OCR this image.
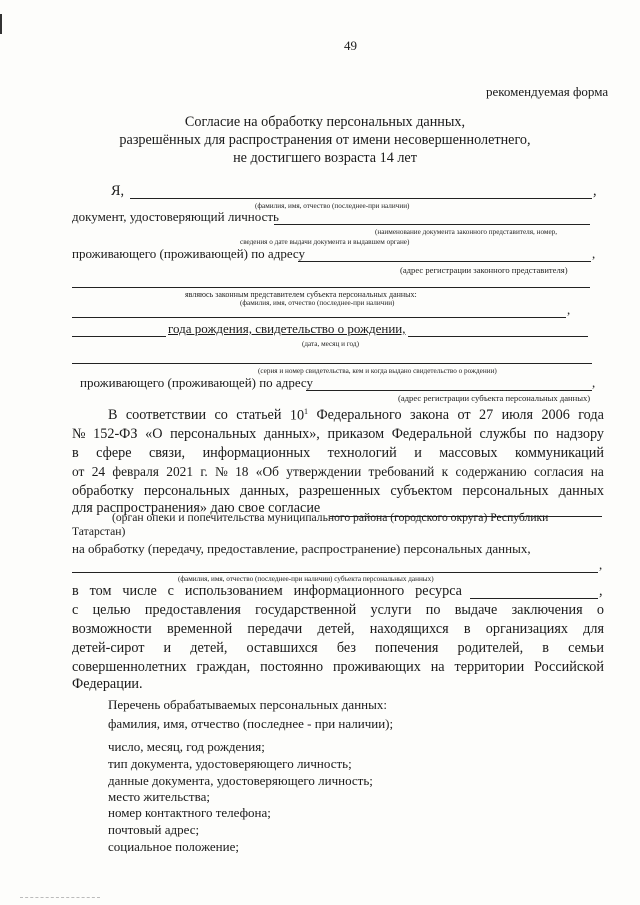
49
рекомендуемая форма
Согласие на обработку персональных данных,
разрешённых для распространения от имени несовершеннолетнего,
не достигшего возраста 14 лет
Я,	,
(фамилия, имя, отчество (последнее-при наличии)
документ, удостоверяющий личность
(наименование документа законного представителя, номер,
сведения о дате выдачи документа и выдавшем органе)
проживающего (проживающей) по адресу	,
(адрес регистрации законного представителя)
являюсь законным представителем субъекта персональных данных:
(фамилия, имя, отчество (последнее-при наличии)	,
года рождения, свидетельство о рождении,
(дата, месяц и год)
(серия и номер свидетельства, кем и когда выдано свидетельство о рождении)
проживающего (проживающей) по адресу	,
(адрес регистрации субъекта персональных данных)
В соответствии со статьей $10^1$ Федерального закона от 27 июля 2006 года
№ 152-ФЗ «О персональных данных», приказом Федеральной службы по надзору
в сфере связи, информационных технологий и массовых коммуникаций
от 24 февраля 2021 г. № 18 «Об утверждении требований к содержанию согласия на
обработку персональных данных, разрешенных субъектом персональных данных
для распространения» даю свое согласие
(орган опеки и попечительства муниципального района (городского округа) Республики
Татарстан)
на обработку (передачу, предоставление, распространение) персональных данных,
,
(фамилия, имя, отчество (последнее-при наличии) субъекта персональных данных)
в том числе с использованием информационного ресурса	,
с целью предоставления государственной услуги по выдаче заключения о
возможности временной передачи детей, находящихся в организациях для
детей-сирот и детей, оставшихся без попечения родителей, в семьи
совершеннолетних граждан, постоянно проживающих на территории Российской
Федерации.
Перечень обрабатываемых персональных данных:
фамилия, имя, отчество (последнее - при наличии);
число, месяц, год рождения;
тип документа, удостоверяющего личность;
данные документа, удостоверяющего личность;
место жительства;
номер контактного телефона;
почтовый адрес;
социальное положение;
